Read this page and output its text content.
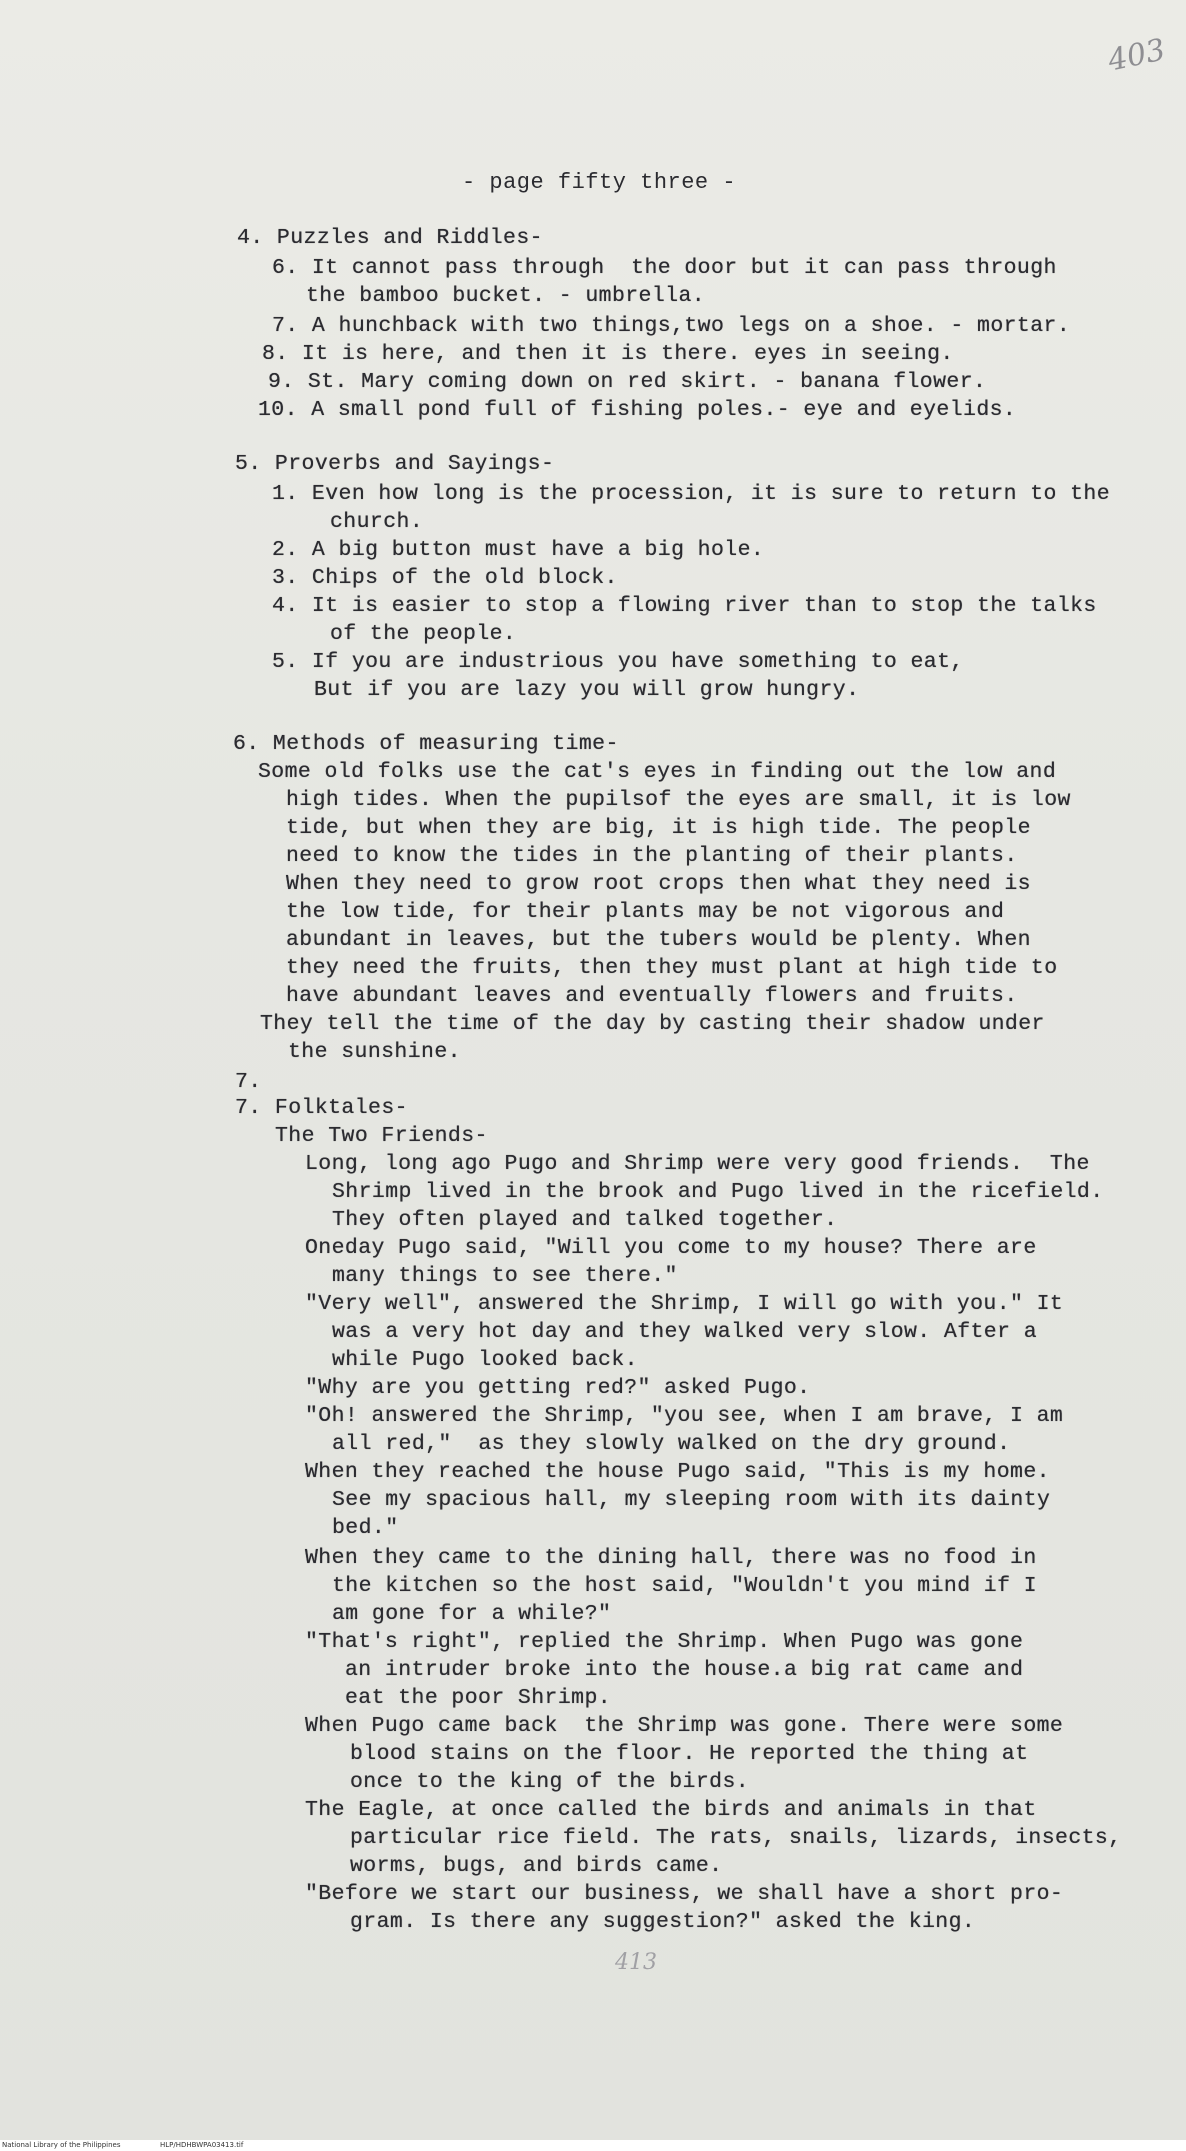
403
- page fifty three -
4. Puzzles and Riddles-
6. It cannot pass through  the door but it can pass through
the bamboo bucket. - umbrella.
7. A hunchback with two things,two legs on a shoe. - mortar.
8. It is here, and then it is there. eyes in seeing.
9. St. Mary coming down on red skirt. - banana flower.
10. A small pond full of fishing poles.- eye and eyelids.
5. Proverbs and Sayings-
1. Even how long is the procession, it is sure to return to the
church.
2. A big button must have a big hole.
3. Chips of the old block.
4. It is easier to stop a flowing river than to stop the talks
of the people.
5. If you are industrious you have something to eat,
But if you are lazy you will grow hungry.
6. Methods of measuring time-
Some old folks use the cat's eyes in finding out the low and
high tides. When the pupilsof the eyes are small, it is low
tide, but when they are big, it is high tide. The people
need to know the tides in the planting of their plants.
When they need to grow root crops then what they need is
the low tide, for their plants may be not vigorous and
abundant in leaves, but the tubers would be plenty. When
they need the fruits, then they must plant at high tide to
have abundant leaves and eventually flowers and fruits.
They tell the time of the day by casting their shadow under
the sunshine.
7.
7. Folktales-
The Two Friends-
Long, long ago Pugo and Shrimp were very good friends.  The
Shrimp lived in the brook and Pugo lived in the ricefield.
They often played and talked together.
Oneday Pugo said, "Will you come to my house? There are
many things to see there."
"Very well", answered the Shrimp, I will go with you." It
was a very hot day and they walked very slow. After a
while Pugo looked back.
"Why are you getting red?" asked Pugo.
"Oh! answered the Shrimp, "you see, when I am brave, I am
all red,"  as they slowly walked on the dry ground.
When they reached the house Pugo said, "This is my home.
See my spacious hall, my sleeping room with its dainty
bed."
When they came to the dining hall, there was no food in
the kitchen so the host said, "Wouldn't you mind if I
am gone for a while?"
"That's right", replied the Shrimp. When Pugo was gone
an intruder broke into the house.a big rat came and
eat the poor Shrimp.
When Pugo came back  the Shrimp was gone. There were some
blood stains on the floor. He reported the thing at
once to the king of the birds.
The Eagle, at once called the birds and animals in that
particular rice field. The rats, snails, lizards, insects,
worms, bugs, and birds came.
"Before we start our business, we shall have a short pro-
gram. Is there any suggestion?" asked the king.
413
National Library of the Philippines	HLP/HDHBWPA03413.tif
